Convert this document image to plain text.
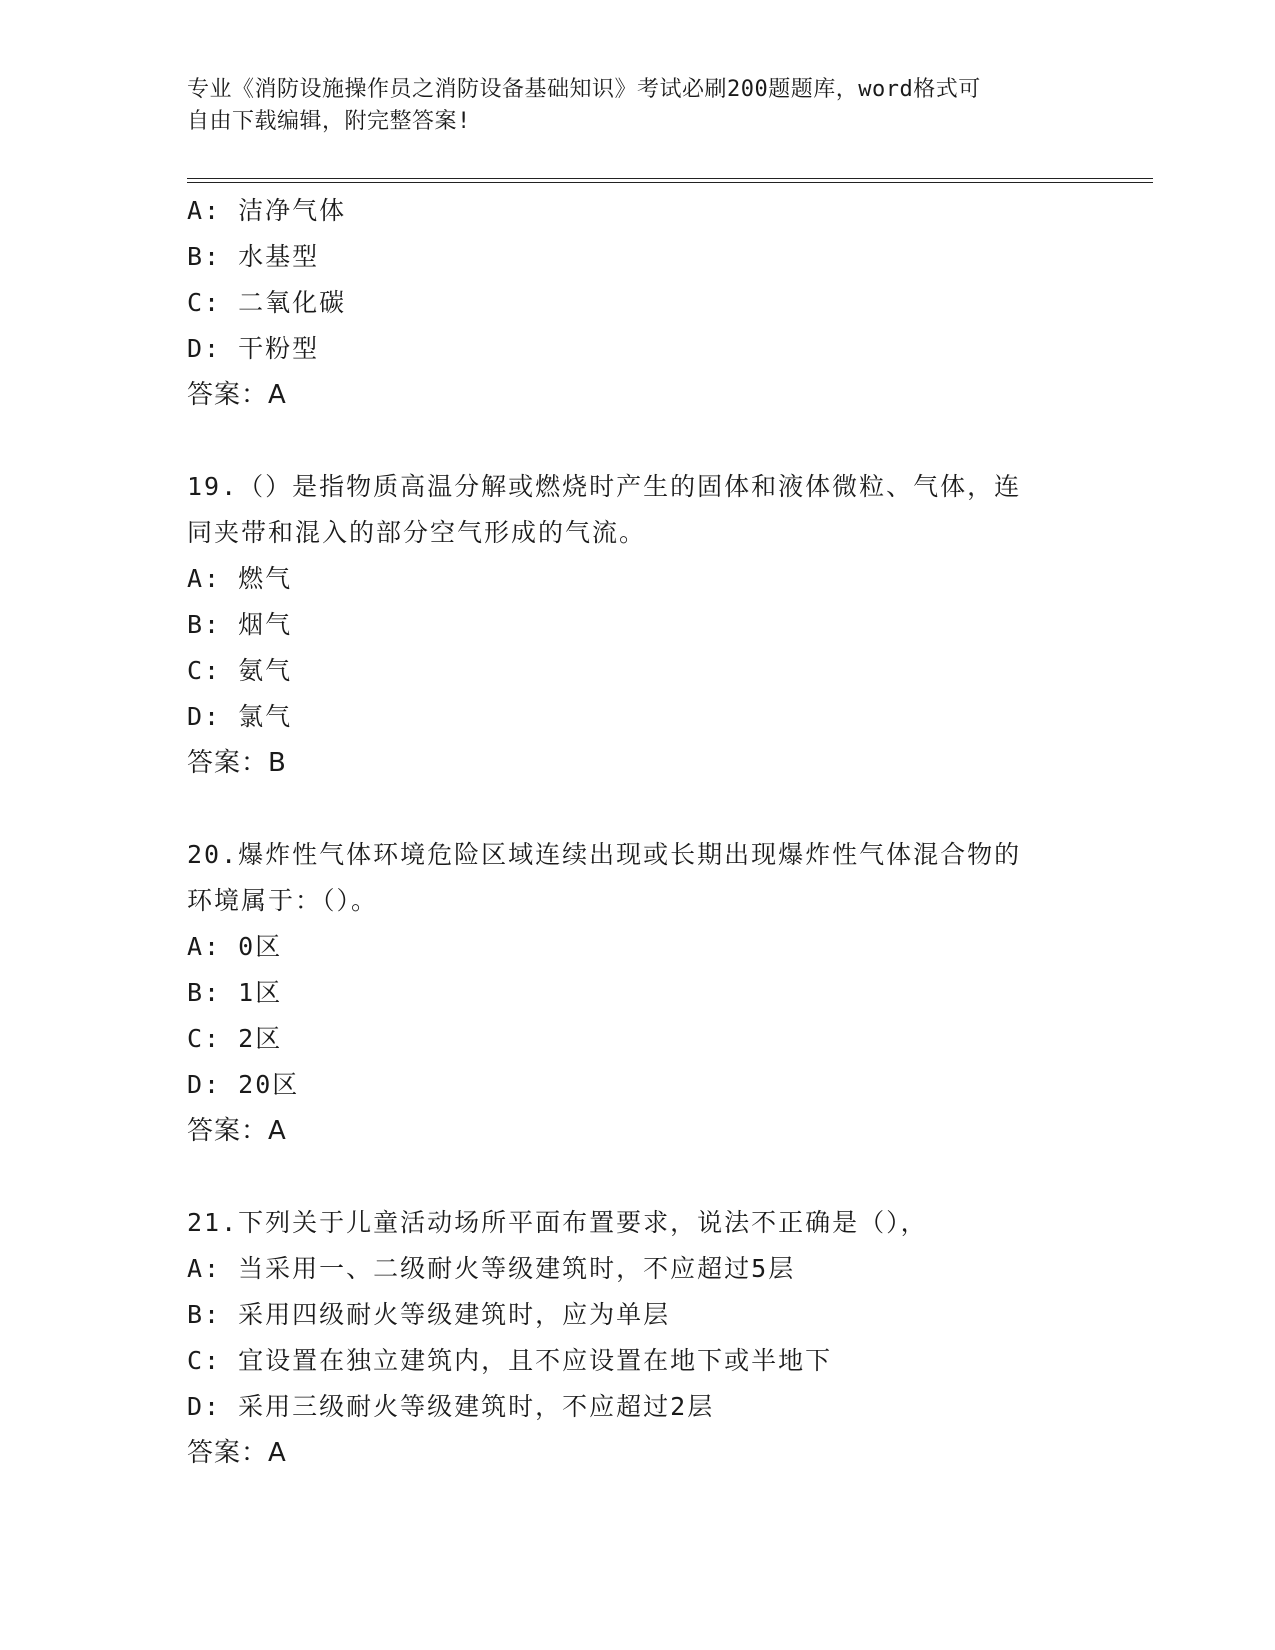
专业《消防设施操作员之消防设备基础知识》考试必刷200题题库，word格式可
自由下载编辑，附完整答案!
A: 洁净气体
B: 水基型
C: 二氧化碳
D: 干粉型
答案：A
19.（）是指物质高温分解或燃烧时产生的固体和液体微粒、气体，连
同夹带和混入的部分空气形成的气流。
A: 燃气
B: 烟气
C: 氨气
D: 氯气
答案：B
20.爆炸性气体环境危险区域连续出现或长期出现爆炸性气体混合物的
环境属于：（）。
A: 0区
B: 1区
C: 2区
D: 20区
答案：A
21.下列关于儿童活动场所平面布置要求，说法不正确是（），
A: 当采用一、二级耐火等级建筑时，不应超过5层
B: 采用四级耐火等级建筑时，应为单层
C: 宜设置在独立建筑内，且不应设置在地下或半地下
D: 采用三级耐火等级建筑时，不应超过2层
答案：A
